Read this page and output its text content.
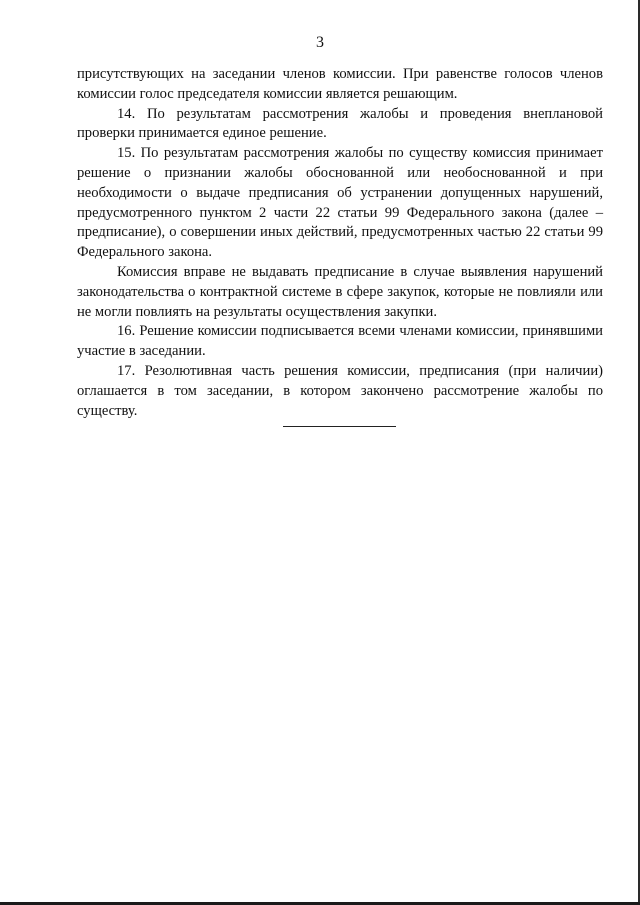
3

присутствующих на заседании членов комиссии. При равенстве голосов членов комиссии голос председателя комиссии является решающим.

14. По результатам рассмотрения жалобы и проведения внеплановой проверки принимается единое решение.

15. По результатам рассмотрения жалобы по существу комиссия принимает решение о признании жалобы обоснованной или необоснованной и при необходимости о выдаче предписания об устранении допущенных нарушений, предусмотренного пунктом 2 части 22 статьи 99 Федерального закона (далее – предписание), о совершении иных действий, предусмотренных частью 22 статьи 99 Федерального закона.

Комиссия вправе не выдавать предписание в случае выявления нарушений законодательства о контрактной системе в сфере закупок, которые не повлияли или не могли повлиять на результаты осуществления закупки.

16. Решение комиссии подписывается всеми членами комиссии, принявшими участие в заседании.

17. Резолютивная часть решения комиссии, предписания (при наличии) оглашается в том заседании, в котором закончено рассмотрение жалобы по существу.
